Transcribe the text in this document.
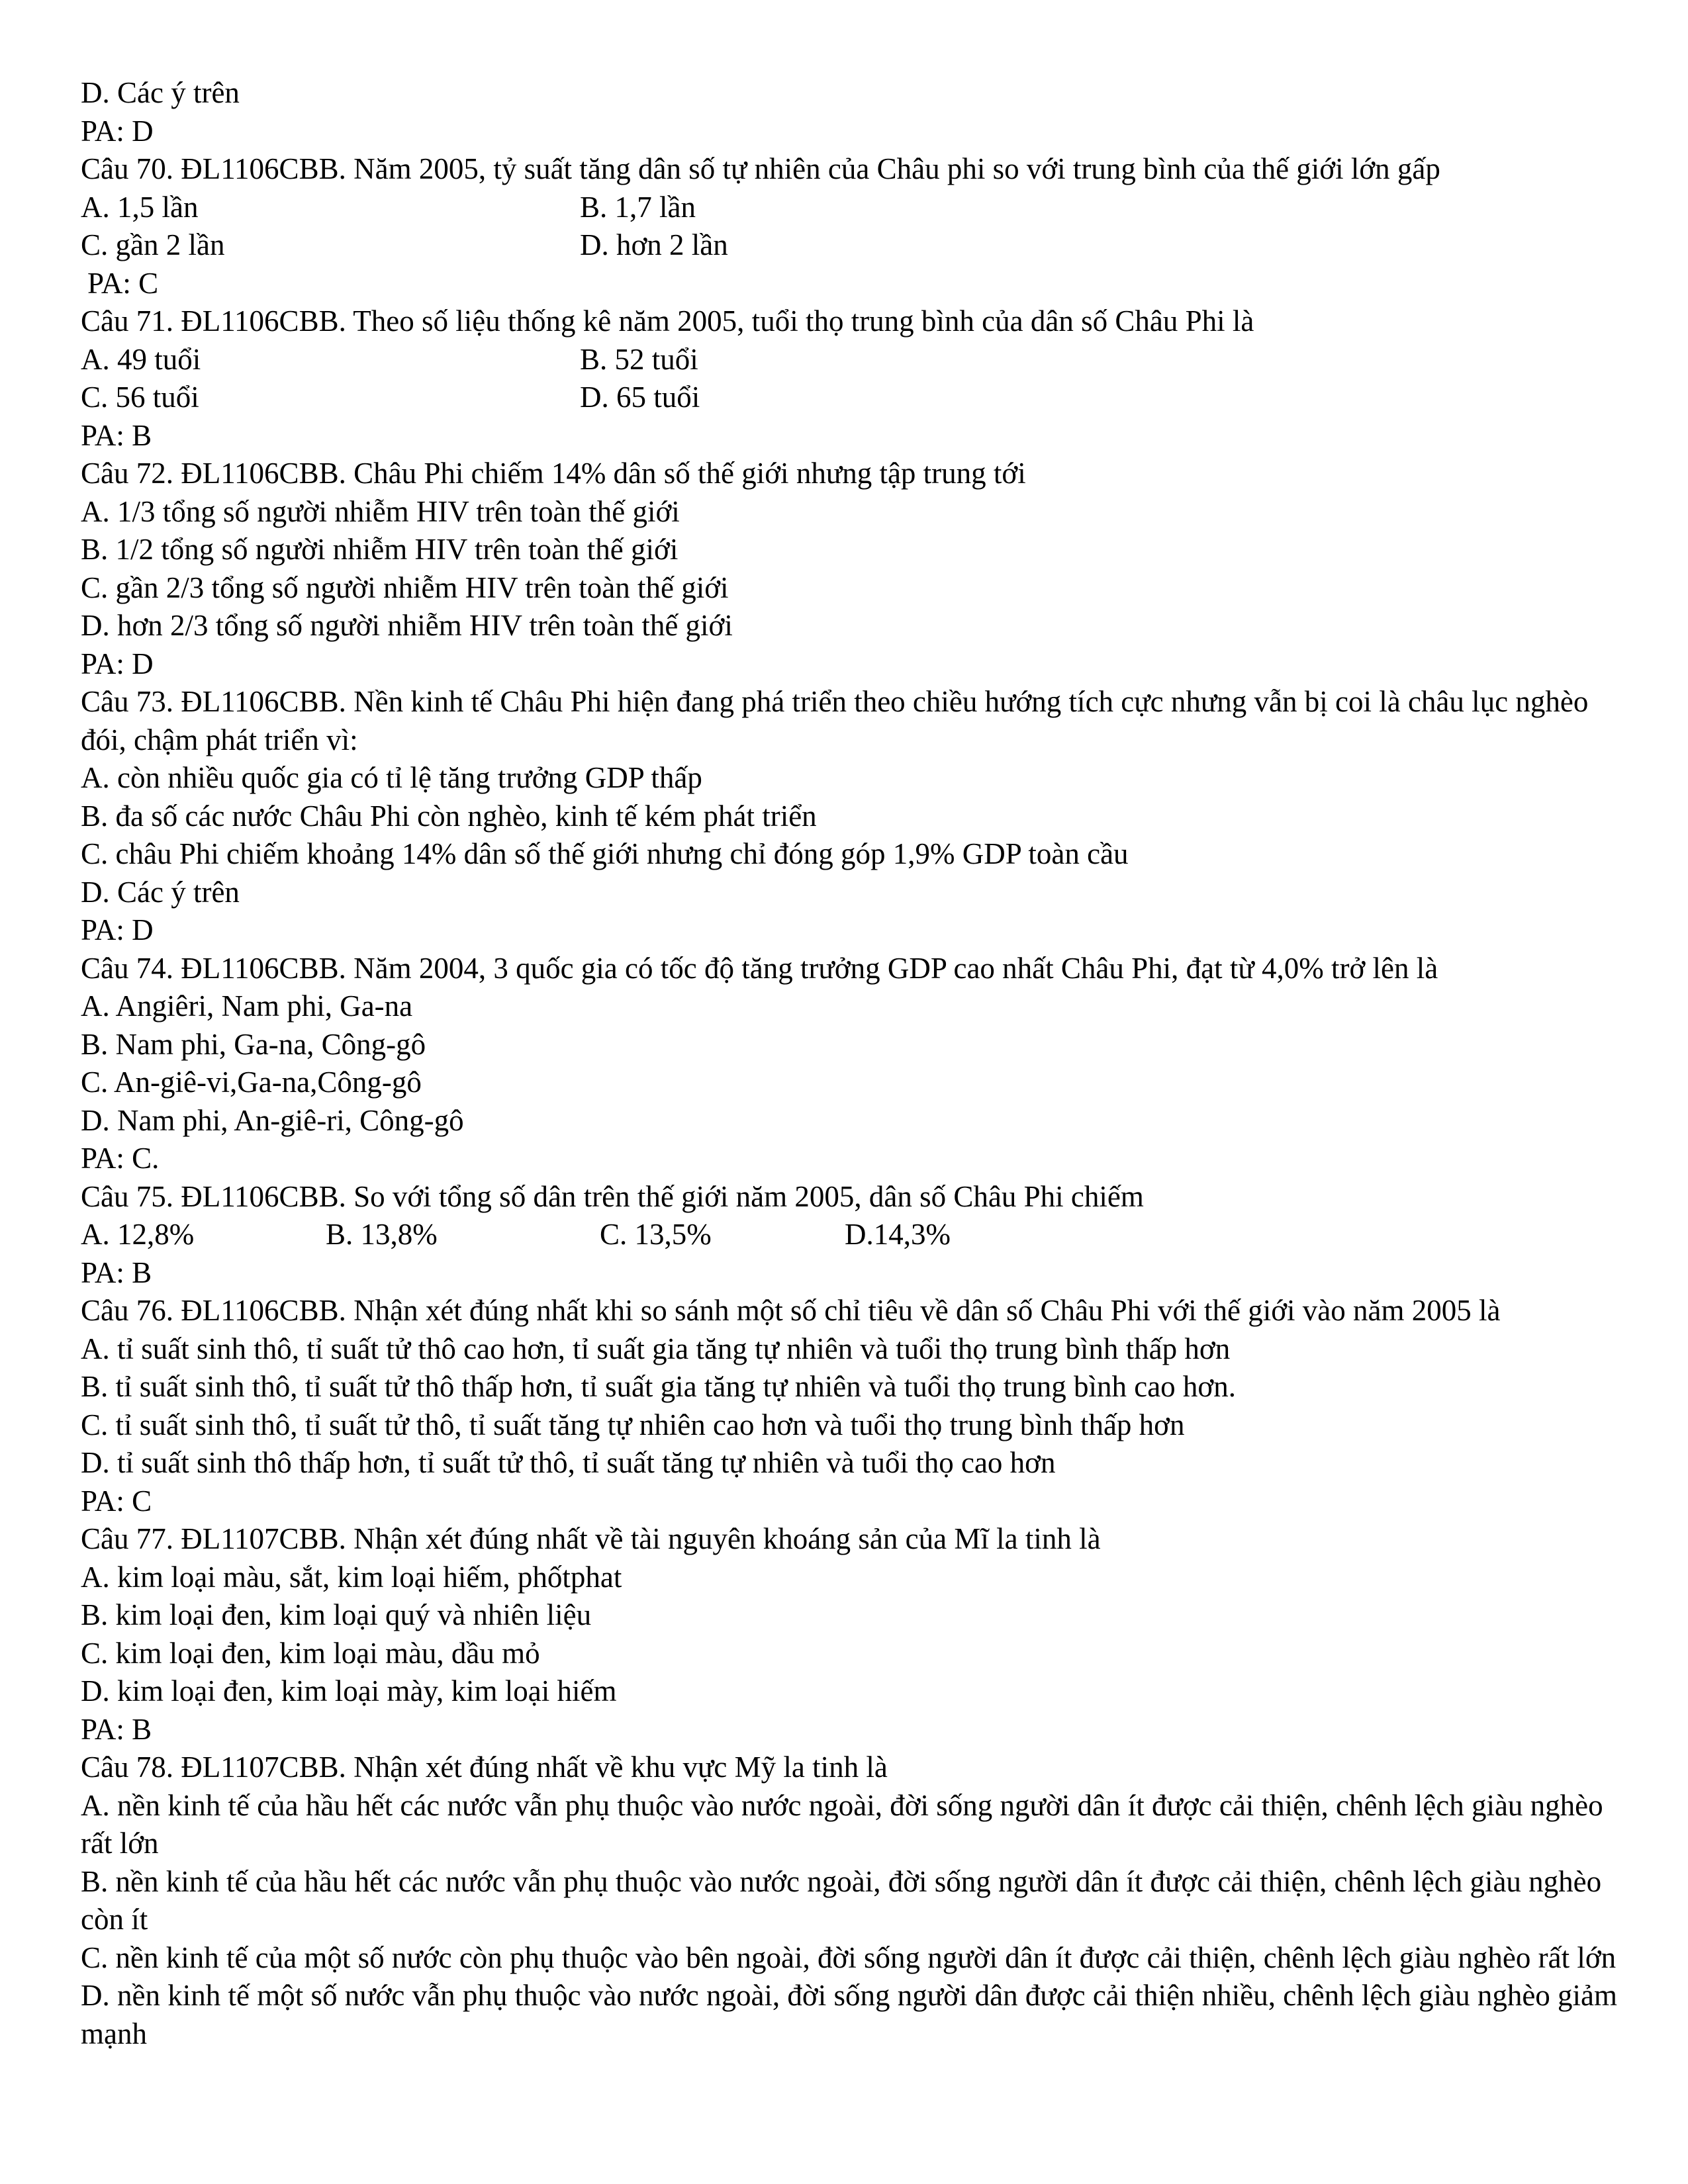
D. Các ý trên
PA: D
Câu 70. ĐL1106CBB. Năm 2005, tỷ suất tăng dân số tự nhiên của Châu phi so với trung bình của thế giới lớn gấp
A. 1,5 lần	B. 1,7 lần
C. gần 2 lần	D. hơn 2 lần
PA: C
Câu 71. ĐL1106CBB. Theo số liệu thống kê năm 2005, tuổi thọ trung bình của dân số Châu Phi là
A. 49 tuổi	B. 52 tuổi
C. 56 tuổi	D. 65 tuổi
PA: B
Câu 72. ĐL1106CBB. Châu Phi chiếm 14% dân số thế giới nhưng tập trung tới
A. 1/3 tổng số người nhiễm HIV trên toàn thế giới
B. 1/2 tổng số người nhiễm HIV trên toàn thế giới
C. gần 2/3 tổng số người nhiễm HIV trên toàn thế giới
D. hơn 2/3 tổng số người nhiễm HIV trên toàn thế giới
PA: D
Câu 73. ĐL1106CBB. Nền kinh tế Châu Phi hiện đang phá triển theo chiều hướng tích cực nhưng vẫn bị coi là châu lục nghèo đói, chậm phát triển vì:
A. còn nhiều quốc gia có tỉ lệ tăng trưởng GDP thấp
B. đa số các nước Châu Phi còn nghèo, kinh tế kém phát triển
C. châu Phi chiếm khoảng 14% dân số thế giới nhưng chỉ đóng góp 1,9% GDP toàn cầu
D. Các ý trên
PA: D
Câu 74. ĐL1106CBB. Năm 2004, 3 quốc gia có tốc độ tăng trưởng GDP cao nhất Châu Phi, đạt từ 4,0% trở lên là
A. Angiêri, Nam phi, Ga-na
B. Nam phi, Ga-na, Công-gô
C. An-giê-vi,Ga-na,Công-gô
D. Nam phi, An-giê-ri, Công-gô
PA: C.
Câu 75. ĐL1106CBB. So với tổng số dân trên thế giới năm 2005, dân số Châu Phi chiếm
A. 12,8%	B. 13,8%	C. 13,5%	D.14,3%
PA: B
Câu 76. ĐL1106CBB. Nhận xét đúng nhất khi so sánh một số chỉ tiêu về dân số Châu Phi với thế giới vào năm 2005 là
A. tỉ suất sinh thô, tỉ suất tử thô cao hơn, tỉ suất gia tăng tự nhiên và tuổi thọ trung bình thấp hơn
B. tỉ suất sinh thô, tỉ suất tử thô thấp hơn, tỉ suất gia tăng tự nhiên và tuổi thọ trung bình cao hơn.
C. tỉ suất sinh thô, tỉ suất tử thô, tỉ suất tăng tự nhiên cao hơn và tuổi thọ trung bình thấp hơn
D. tỉ suất sinh thô thấp hơn, tỉ suất tử thô, tỉ suất tăng tự nhiên và tuổi thọ cao hơn
PA: C
Câu 77. ĐL1107CBB. Nhận xét đúng nhất về tài nguyên khoáng sản của Mĩ la tinh là
A. kim loại màu, sắt, kim loại hiếm, phốtphat
B. kim loại đen, kim loại quý và nhiên liệu
C. kim loại đen, kim loại màu, dầu mỏ
D. kim loại đen, kim loại mày, kim loại hiếm
PA: B
Câu 78. ĐL1107CBB. Nhận xét đúng nhất về khu vực Mỹ la tinh là
A. nền kinh tế của hầu hết các nước vẫn phụ thuộc vào nước ngoài, đời sống người dân ít được cải thiện, chênh lệch giàu nghèo rất lớn
B. nền kinh tế của hầu hết các nước vẫn phụ thuộc vào nước ngoài, đời sống người dân ít được cải thiện, chênh lệch giàu nghèo còn ít
C. nền kinh tế của một số nước còn phụ thuộc vào bên ngoài, đời sống người dân ít được cải thiện, chênh lệch giàu nghèo rất lớn
D. nền kinh tế một số nước vẫn phụ thuộc vào nước ngoài, đời sống người dân được cải thiện nhiều, chênh lệch giàu nghèo giảm mạnh
